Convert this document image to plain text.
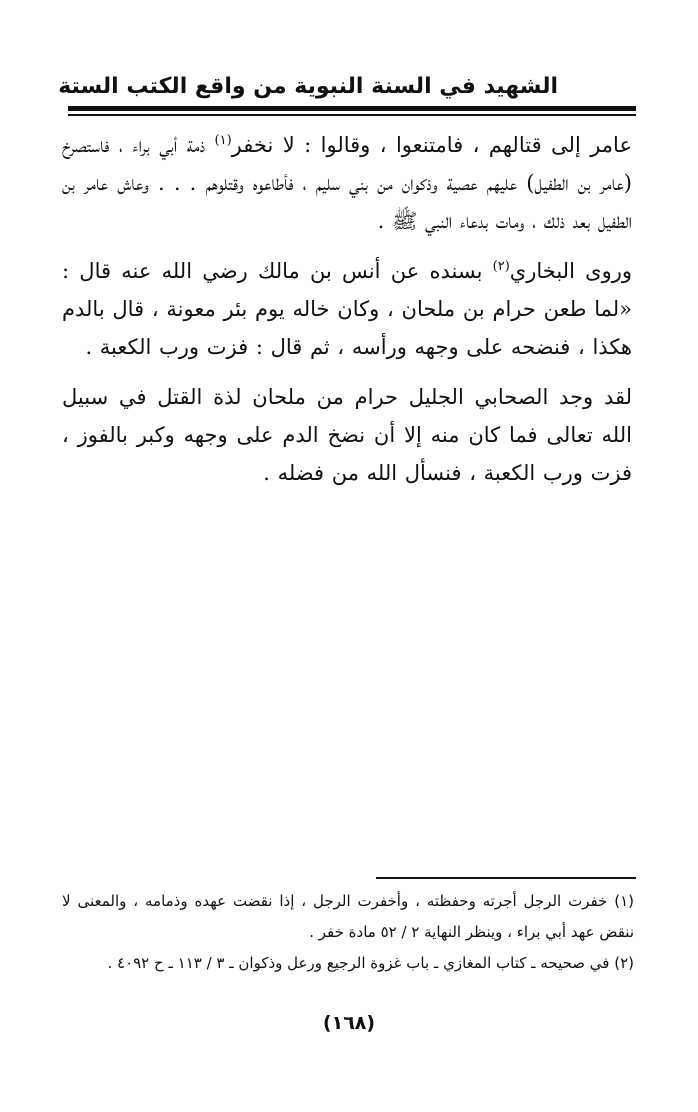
الشهيد في السنة النبوية من واقع الكتب الستة

عامر إلى قتالهم ، فامتنعوا ، وقالوا : لا نخفر$^{(١)}$ ذمة أبي براء ، فاستصرخ (عامر بن الطفيل) عليهم عصية وذكوان من بني سليم ، فأطاعوه وقتلوهم . . . وعاش عامر بن الطفيل بعد ذلك ، ومات بدعاء النبي ﷺ .

وروى البخاري$^{(٢)}$ بسنده عن أنس بن مالك رضي الله عنه قال : «لما طعن حرام بن ملحان ، وكان خاله يوم بئر معونة ، قال بالدم هكذا ، فنضحه على وجهه ورأسه ، ثم قال : فزت ورب الكعبة .

لقد وجد الصحابي الجليل حرام من ملحان لذة القتل في سبيل الله تعالى فما كان منه إلا أن نضخ الدم على وجهه وكبر بالفوز ، فزت ورب الكعبة ، فنسأل الله من فضله .

(١) خفرت الرجل أجرته وحفظته ، وأخفرت الرجل ، إذا نقضت عهده وذمامه ، والمعنى لا ننقض عهد أبي براء ، وينظر النهاية ٢ / ٥٢ مادة خفر .

(٢) في صحيحه ـ كتاب المغازي ـ باب غزوة الرجيع ورعل وذكوان ـ ٣ / ١١٣ ـ ح ٤٠٩٢ .

(١٦٨)
